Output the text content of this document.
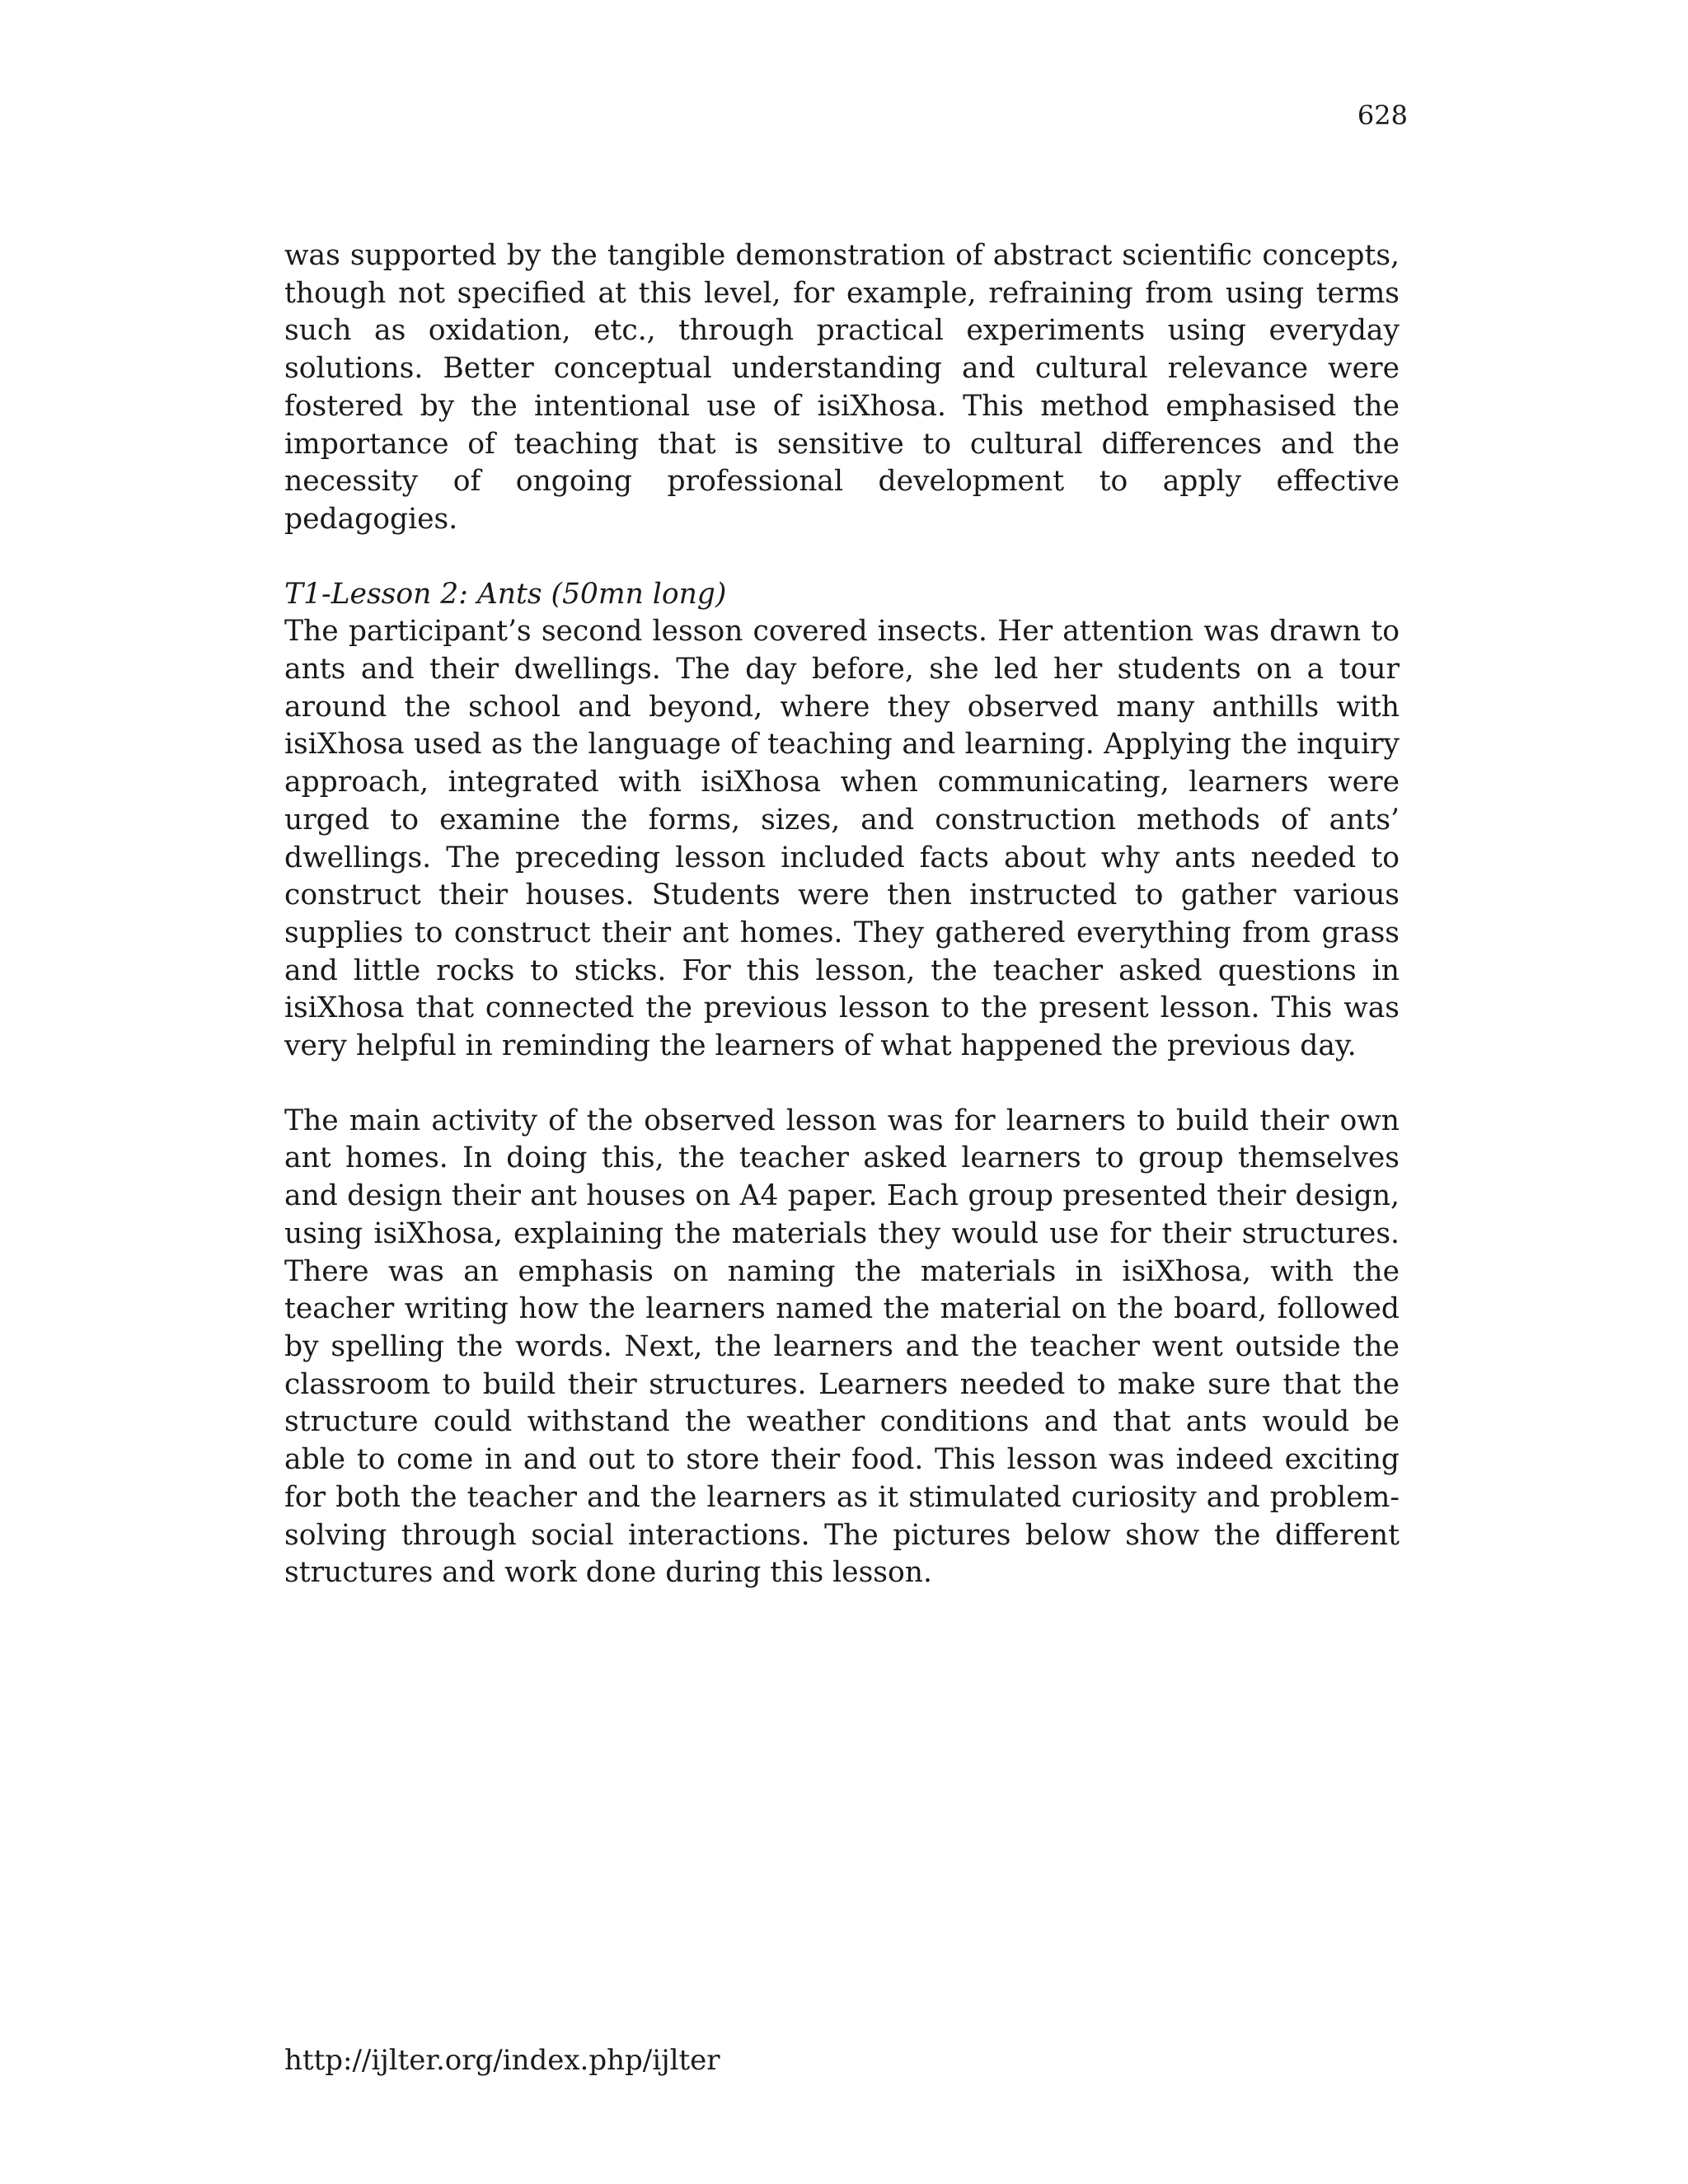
628

was supported by the tangible demonstration of abstract scientific concepts, though not specified at this level, for example, refraining from using terms such as oxidation, etc., through practical experiments using everyday solutions. Better conceptual understanding and cultural relevance were fostered by the intentional use of isiXhosa. This method emphasised the importance of teaching that is sensitive to cultural differences and the necessity of ongoing professional development to apply effective pedagogies.

T1-Lesson 2: Ants (50mn long)

The participant’s second lesson covered insects. Her attention was drawn to ants and their dwellings. The day before, she led her students on a tour around the school and beyond, where they observed many anthills with isiXhosa used as the language of teaching and learning. Applying the inquiry approach, integrated with isiXhosa when communicating, learners were urged to examine the forms, sizes, and construction methods of ants’ dwellings. The preceding lesson included facts about why ants needed to construct their houses. Students were then instructed to gather various supplies to construct their ant homes. They gathered everything from grass and little rocks to sticks. For this lesson, the teacher asked questions in isiXhosa that connected the previous lesson to the present lesson. This was very helpful in reminding the learners of what happened the previous day.

The main activity of the observed lesson was for learners to build their own ant homes. In doing this, the teacher asked learners to group themselves and design their ant houses on A4 paper. Each group presented their design, using isiXhosa, explaining the materials they would use for their structures. There was an emphasis on naming the materials in isiXhosa, with the teacher writing how the learners named the material on the board, followed by spelling the words. Next, the learners and the teacher went outside the classroom to build their structures. Learners needed to make sure that the structure could withstand the weather conditions and that ants would be able to come in and out to store their food. This lesson was indeed exciting for both the teacher and the learners as it stimulated curiosity and problem-solving through social interactions. The pictures below show the different structures and work done during this lesson.

http://ijlter.org/index.php/ijlter
